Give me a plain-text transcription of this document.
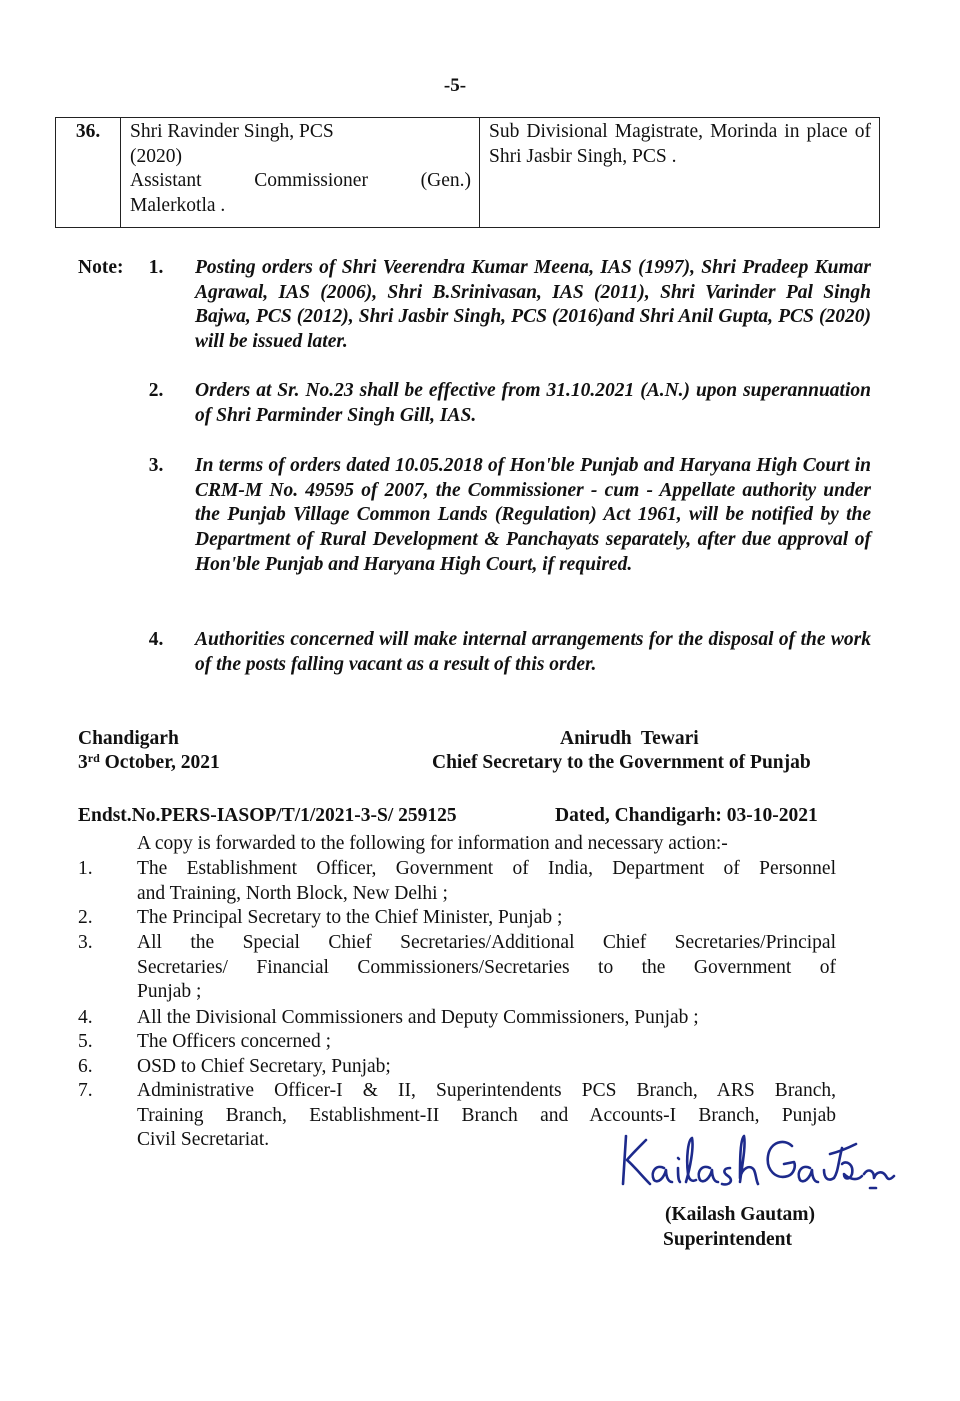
-5-
36.	Shri Ravinder Singh, PCS
(2020)
Assistant Commissioner (Gen.)
Malerkotla .
Sub Divisional Magistrate, Morinda in place of Shri Jasbir Singh, PCS .
Note: 1. Posting orders of Shri Veerendra Kumar Meena, IAS (1997), Shri Pradeep Kumar Agrawal, IAS (2006), Shri B.Srinivasan, IAS (2011), Shri Varinder Pal Singh Bajwa, PCS (2012), Shri Jasbir Singh, PCS (2016)and Shri Anil Gupta, PCS (2020) will be issued later.
2. Orders at Sr. No.23 shall be effective from 31.10.2021 (A.N.) upon superannuation of Shri Parminder Singh Gill, IAS.
3. In terms of orders dated 10.05.2018 of Hon'ble Punjab and Haryana High Court in CRM-M No. 49595 of 2007, the Commissioner - cum - Appellate authority under the Punjab Village Common Lands (Regulation) Act 1961, will be notified by the Department of Rural Development & Panchayats separately, after due approval of Hon'ble Punjab and Haryana High Court, if required.
4. Authorities concerned will make internal arrangements for the disposal of the work of the posts falling vacant as a result of this order.
Chandigarh
3rd October, 2021
Anirudh  Tewari
Chief Secretary to the Government of Punjab
Endst.No.PERS-IASOP/T/1/2021-3-S/ 259125	Dated, Chandigarh: 03-10-2021
A copy is forwarded to the following for information and necessary action:-
1. The Establishment Officer, Government of India, Department of Personnel
and Training, North Block, New Delhi ;
2. The Principal Secretary to the Chief Minister, Punjab ;
3. All the Special Chief Secretaries/Additional Chief Secretaries/Principal
Secretaries/ Financial Commissioners/Secretaries to the Government of
Punjab ;
4. All the Divisional Commissioners and Deputy Commissioners, Punjab ;
5. The Officers concerned ;
6. OSD to Chief Secretary, Punjab;
7. Administrative Officer-I & II, Superintendents PCS Branch, ARS Branch,
Training Branch, Establishment-II Branch and Accounts-I Branch, Punjab
Civil Secretariat.
(Kailash Gautam)
Superintendent
